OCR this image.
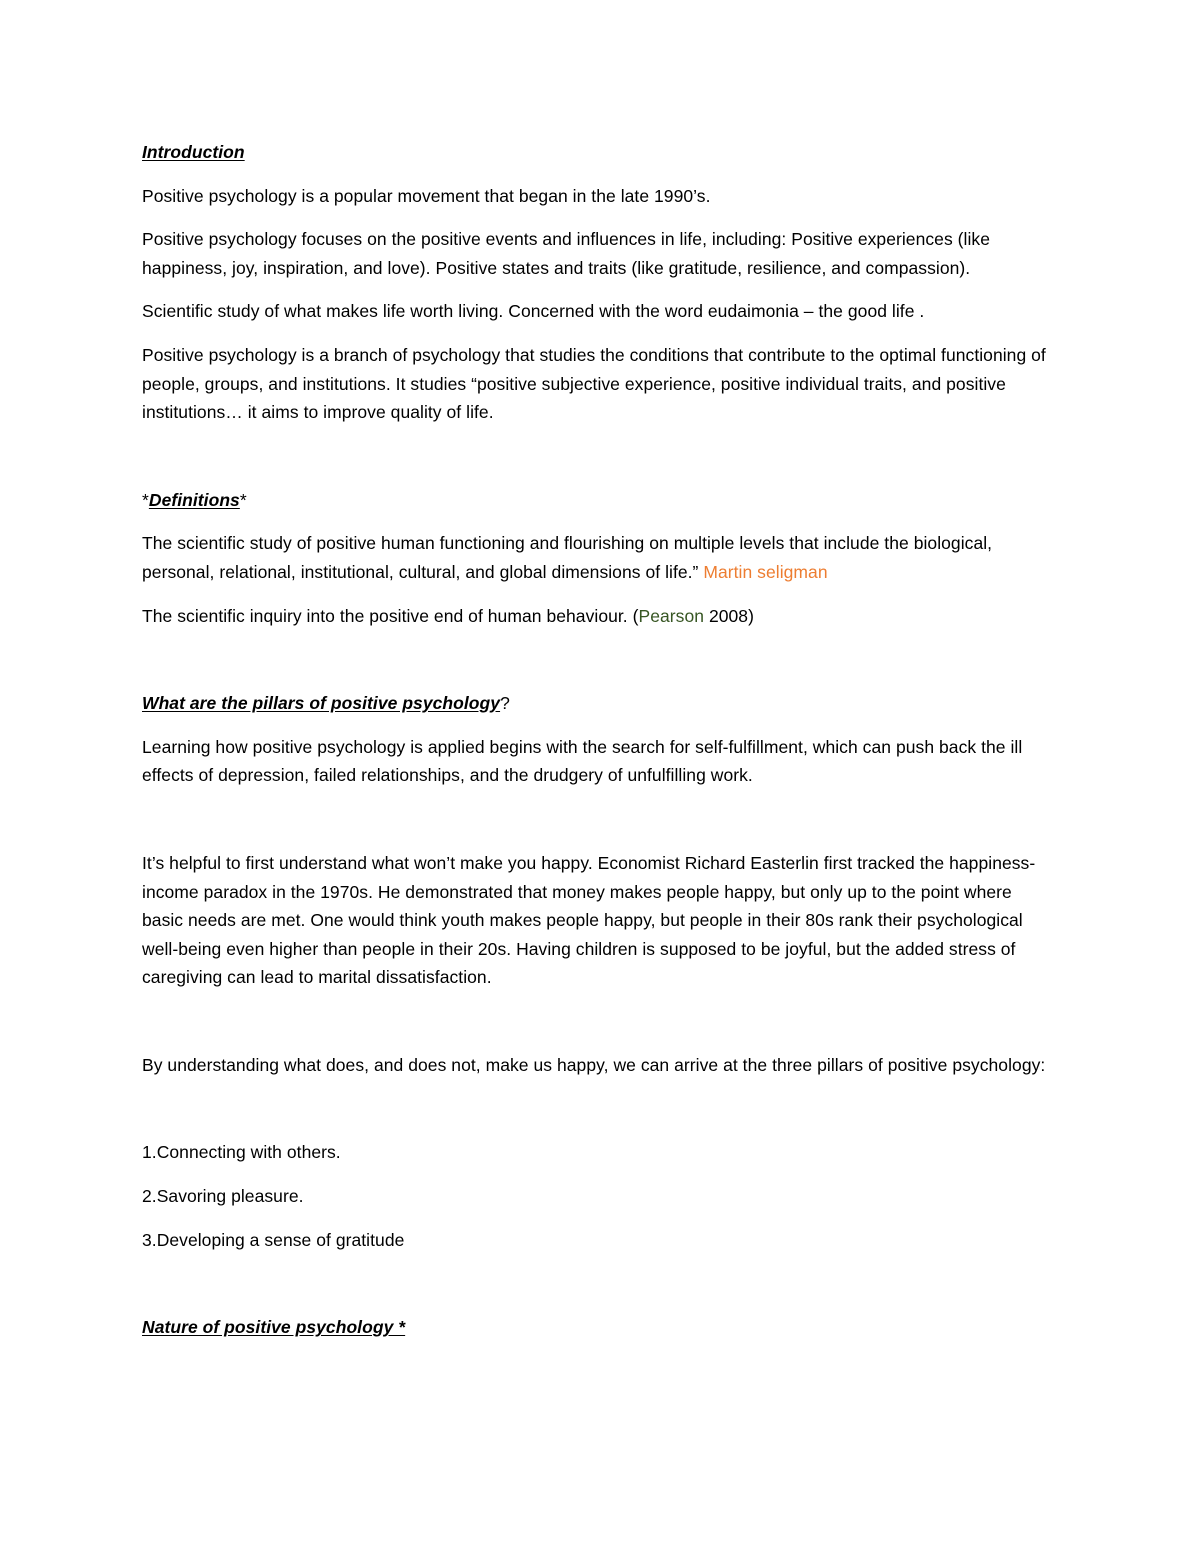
Introduction

Positive psychology is a popular movement that began in the late 1990’s.

Positive psychology focuses on the positive events and influences in life, including: Positive experiences (like happiness, joy, inspiration, and love). Positive states and traits (like gratitude, resilience, and compassion).

Scientific study of what makes life worth living. Concerned with the word eudaimonia – the good life .

Positive psychology is a branch of psychology that studies the conditions that contribute to the optimal functioning of people, groups, and institutions. It studies “positive subjective experience, positive individual traits, and positive institutions… it aims to improve quality of life.

*Definitions*

The scientific study of positive human functioning and flourishing on multiple levels that include the biological, personal, relational, institutional, cultural, and global dimensions of life.” Martin seligman

The scientific inquiry into the positive end of human behaviour. (Pearson 2008)

What are the pillars of positive psychology?

Learning how positive psychology is applied begins with the search for self-fulfillment, which can push back the ill effects of depression, failed relationships, and the drudgery of unfulfilling work.

It’s helpful to first understand what won’t make you happy. Economist Richard Easterlin first tracked the happiness-income paradox in the 1970s. He demonstrated that money makes people happy, but only up to the point where basic needs are met. One would think youth makes people happy, but people in their 80s rank their psychological well-being even higher than people in their 20s. Having children is supposed to be joyful, but the added stress of caregiving can lead to marital dissatisfaction.

By understanding what does, and does not, make us happy, we can arrive at the three pillars of positive psychology:

1.Connecting with others.

2.Savoring pleasure.

3.Developing a sense of gratitude

Nature of positive psychology *
